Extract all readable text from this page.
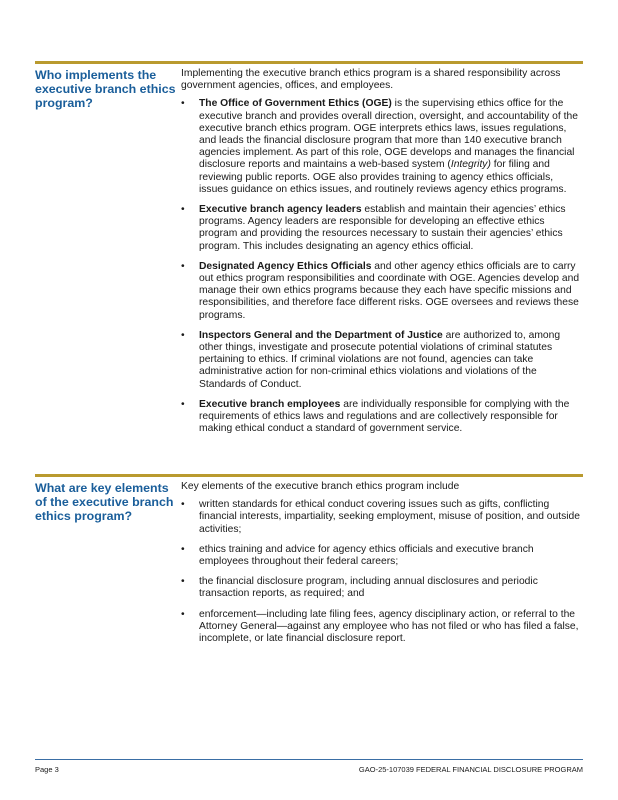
Who implements the executive branch ethics program?

Implementing the executive branch ethics program is a shared responsibility across government agencies, offices, and employees.

• The Office of Government Ethics (OGE) is the supervising ethics office for the executive branch and provides overall direction, oversight, and accountability of the executive branch ethics program. OGE interprets ethics laws, issues regulations, and leads the financial disclosure program that more than 140 executive branch agencies implement. As part of this role, OGE develops and manages the financial disclosure reports and maintains a web-based system (Integrity) for filing and reviewing public reports. OGE also provides training to agency ethics officials, issues guidance on ethics issues, and routinely reviews agency ethics programs.
• Executive branch agency leaders establish and maintain their agencies’ ethics programs. Agency leaders are responsible for developing an effective ethics program and providing the resources necessary to sustain their agencies’ ethics program. This includes designating an agency ethics official.
• Designated Agency Ethics Officials and other agency ethics officials are to carry out ethics program responsibilities and coordinate with OGE. Agencies develop and manage their own ethics programs because they each have specific missions and responsibilities, and therefore face different risks. OGE oversees and reviews these programs.
• Inspectors General and the Department of Justice are authorized to, among other things, investigate and prosecute potential violations of criminal statutes pertaining to ethics. If criminal violations are not found, agencies can take administrative action for non-criminal ethics violations and violations of the Standards of Conduct.
• Executive branch employees are individually responsible for complying with the requirements of ethics laws and regulations and are collectively responsible for making ethical conduct a standard of government service.
What are key elements of the executive branch ethics program?

Key elements of the executive branch ethics program include

• written standards for ethical conduct covering issues such as gifts, conflicting financial interests, impartiality, seeking employment, misuse of position, and outside activities;
• ethics training and advice for agency ethics officials and executive branch employees throughout their federal careers;
• the financial disclosure program, including annual disclosures and periodic transaction reports, as required; and
• enforcement—including late filing fees, agency disciplinary action, or referral to the Attorney General—against any employee who has not filed or who has filed a false, incomplete, or late financial disclosure report.
Page 3	GAO-25-107039 FEDERAL FINANCIAL DISCLOSURE PROGRAM
